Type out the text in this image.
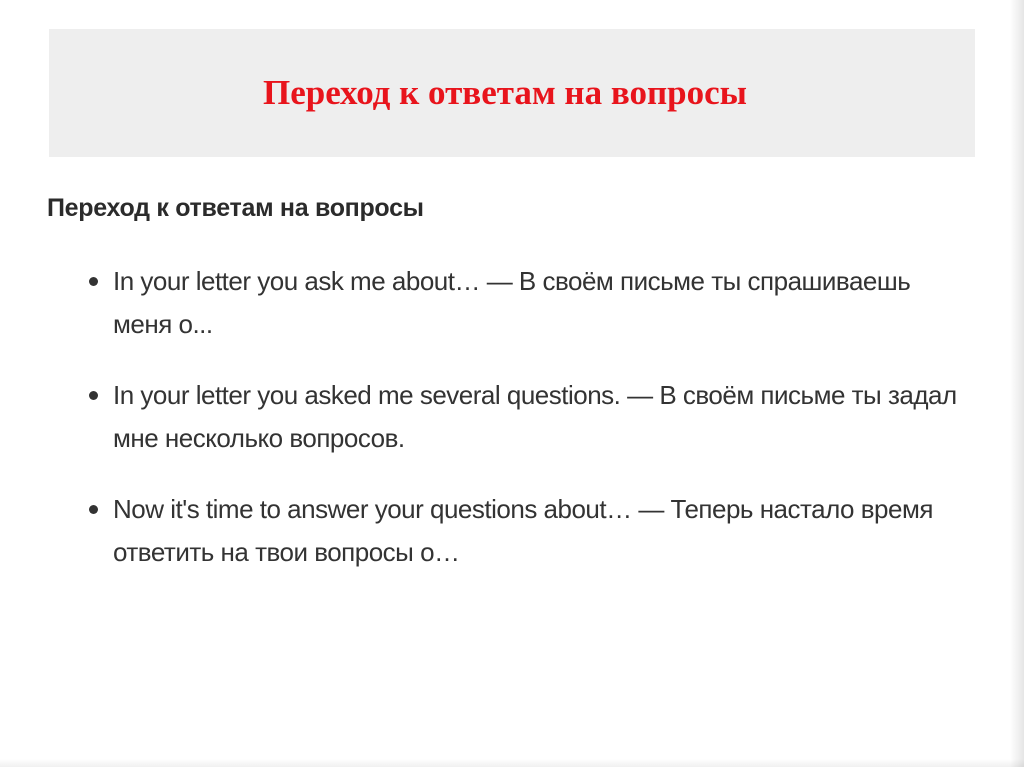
Переход к ответам на вопросы
Переход к ответам на вопросы
In your letter you ask me about… — В своём письме ты спрашиваешь меня о...
In your letter you asked me several questions. — В своём письме ты задал мне несколько вопросов.
Now it's time to answer your questions about… — Теперь настало время ответить на твои вопросы о…
